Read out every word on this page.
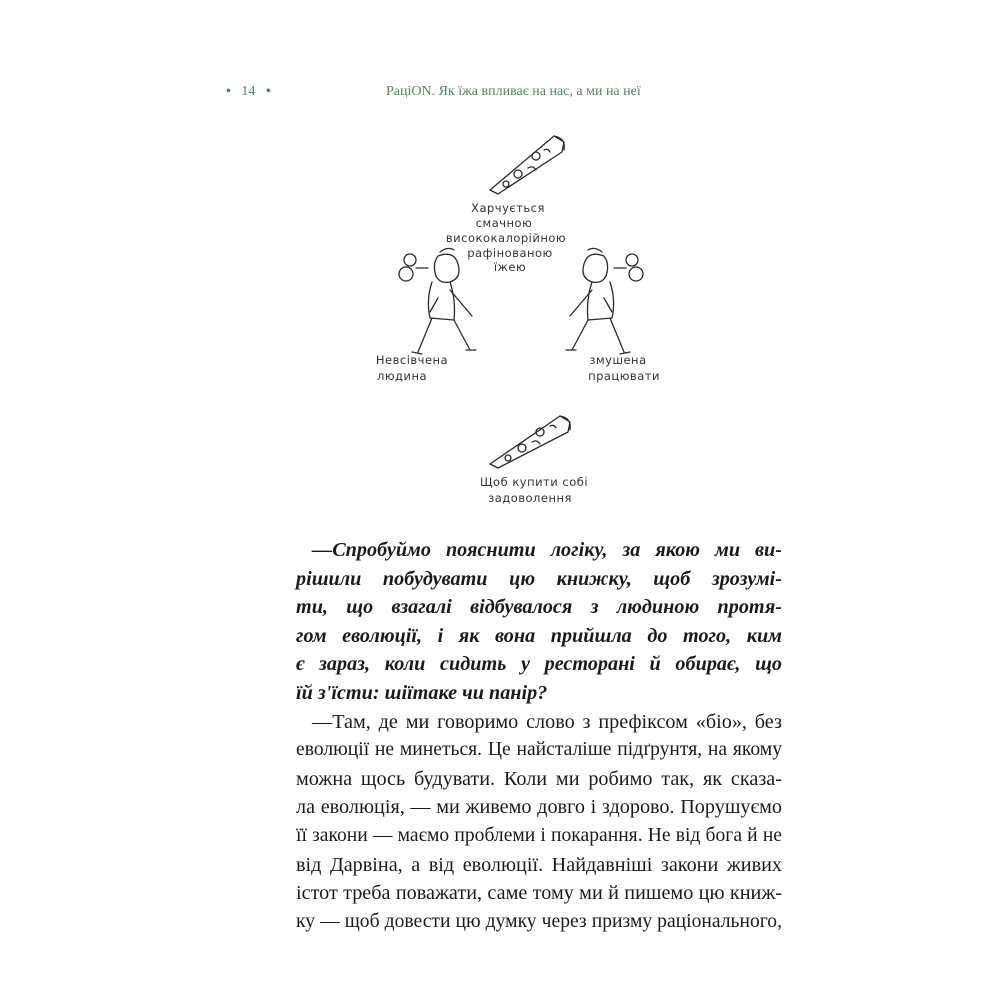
• 14 •	РаціON. Як їжа впливає на нас, а ми на неї
Харчується
смачною
висококалорійною
рафінованою
їжею
Невсівчена
людина
змушена
працювати
Щоб купити собі
задоволення
—Спробуймо пояснити логіку, за якою ми ви-
рішили побудувати цю книжку, щоб зрозумі-
ти, що взагалі відбувалося з людиною протя-
гом еволюції, і як вона прийшла до того, ким
є зараз, коли сидить у ресторані й обирає, що
їй з'їсти: шіїтаке чи панір?
—Там, де ми говоримо слово з префіксом «біо», без
еволюції не минеться. Це найсталіше підґрунтя, на якому
можна щось будувати. Коли ми робимо так, як сказа-
ла еволюція, — ми живемо довго і здорово. Порушуємо
її закони — маємо проблеми і покарання. Не від бога й не
від Дарвіна, а від еволюції. Найдавніші закони живих
істот треба поважати, саме тому ми й пишемо цю книж-
ку — щоб довести цю думку через призму раціонального,
